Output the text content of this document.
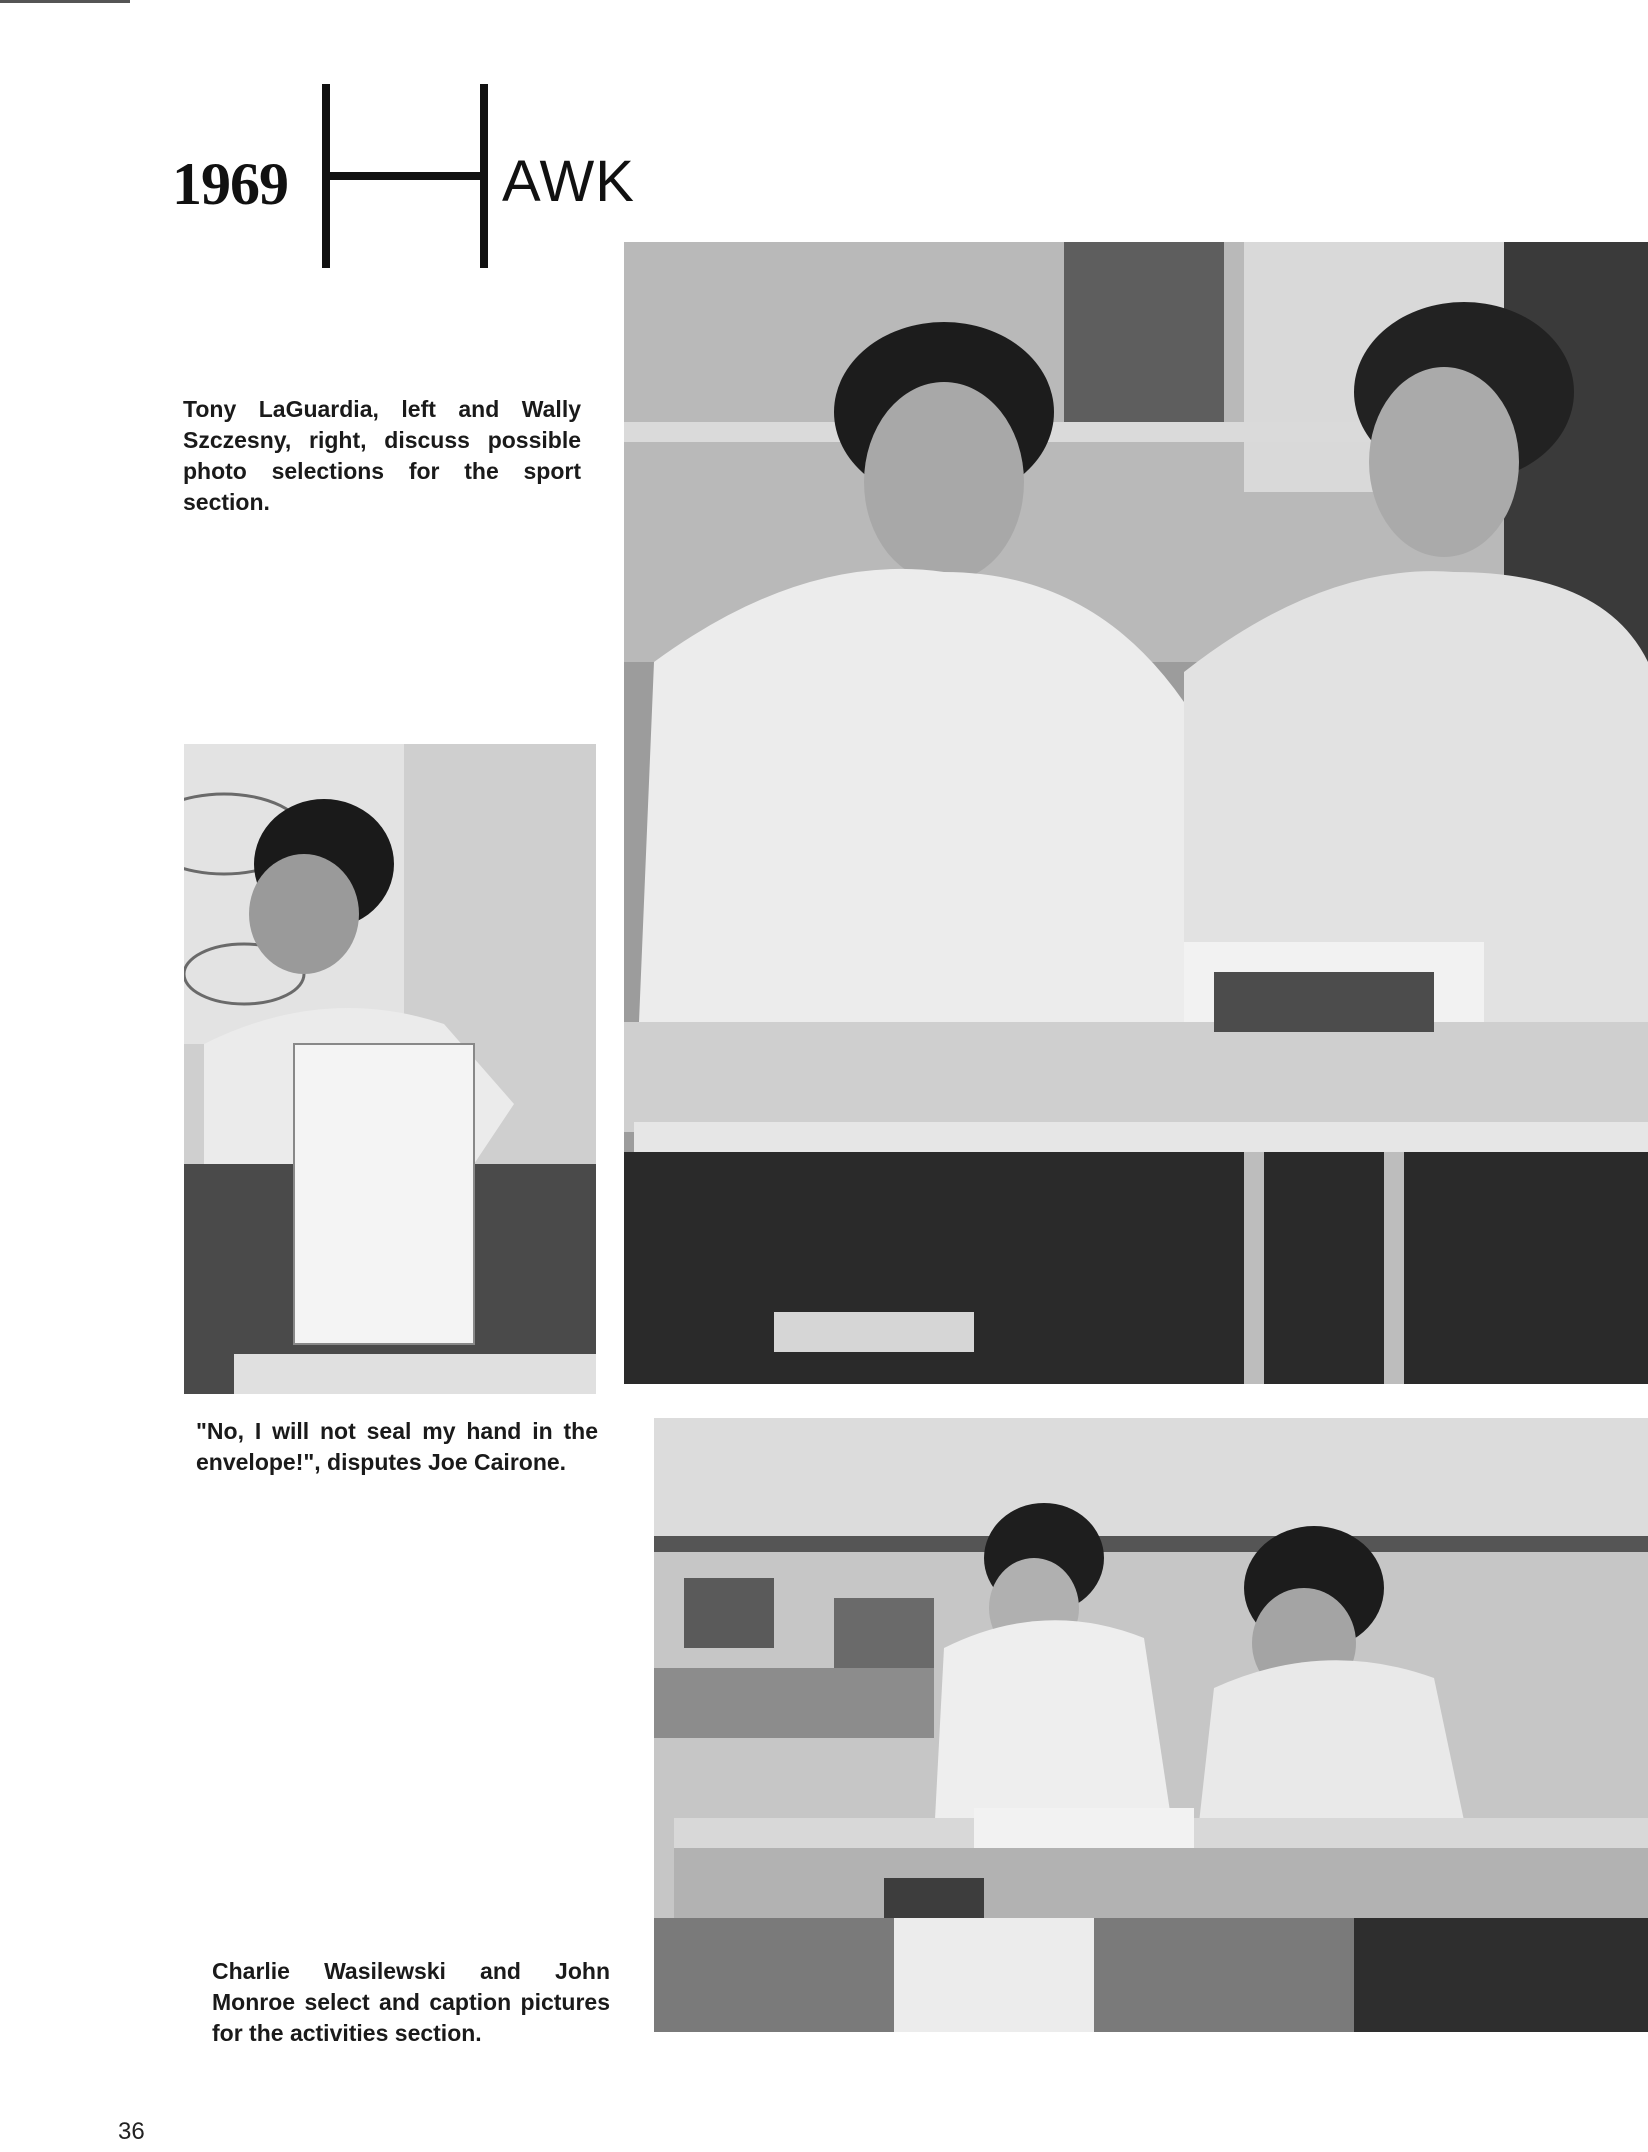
1969	AWK
Tony LaGuardia, left and Wally Szczesny, right, discuss possible photo selections for the sport section.
"No, I will not seal my hand in the envelope!", disputes Joe Cairone.
Charlie Wasilewski and John Monroe select and caption pictures for the activities section.
36
